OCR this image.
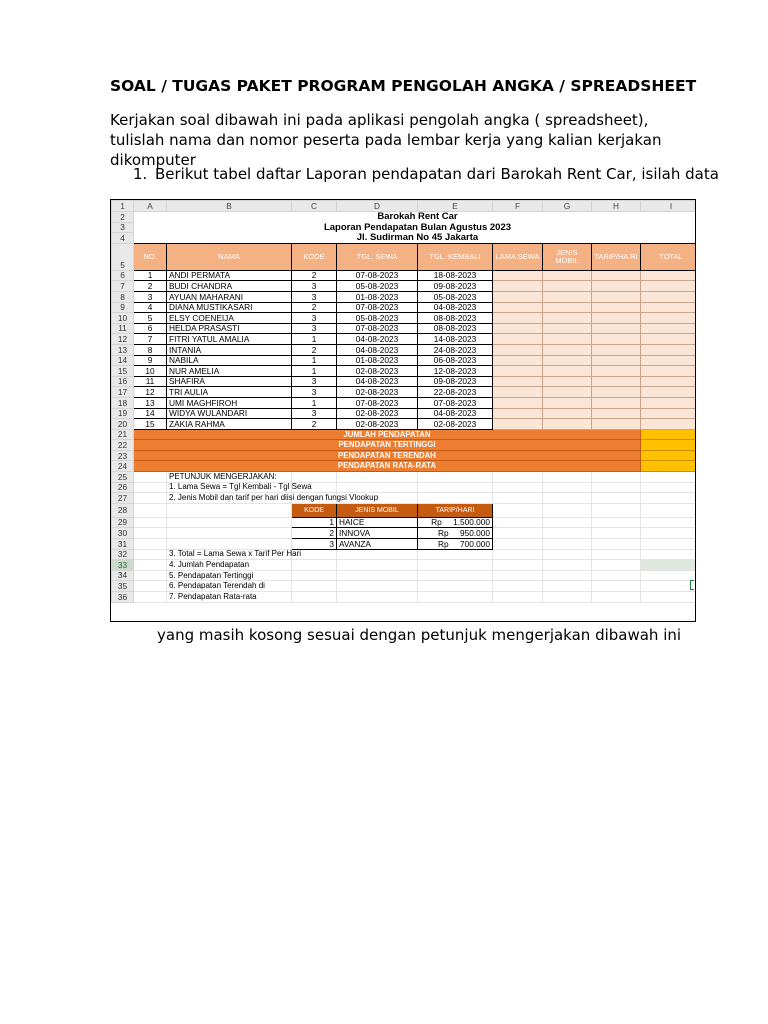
SOAL / TUGAS PAKET PROGRAM PENGOLAH ANGKA / SPREADSHEET

Kerjakan soal dibawah ini pada aplikasi pengolah angka ( spreadsheet), tulislah nama dan nomor peserta pada lembar kerja yang kalian kerjakan dikomputer

1. Berikut tabel daftar Laporan pendapatan dari Barokah Rent Car, isilah data

1	A	B	C	D	E	F	G	H	I
2	Barokah Rent Car								
3	Laporan Pendapatan Bulan Agustus 2023								
4	Jl. Sudirman No 45 Jakarta								
5	NO.	NAMA	KODE	TGL. SEWA	TGL. KEMBALI	LAMA SEWA	JENIS MOBIL	TARIP/HA RI	TOTAL
6	1	ANDI PERMATA	2	07-08-2023	18-08-2023				
7	2	BUDI CHANDRA	3	05-08-2023	09-08-2023				
8	3	AYUAN MAHARANI	3	01-08-2023	05-08-2023				
9	4	DIANA MUSTIKASARI	2	07-08-2023	04-08-2023				
10	5	ELSY COENEIJA	3	05-08-2023	08-08-2023				
11	6	HELDA PRASASTI	3	07-08-2023	08-08-2023				
12	7	FITRI YATUL AMALIA	1	04-08-2023	14-08-2023				
13	8	INTANIA	2	04-08-2023	24-08-2023				
14	9	NABILA	1	01-08-2023	06-08-2023				
15	10	NUR AMELIA	1	02-08-2023	12-08-2023				
16	11	SHAFIRA	3	04-08-2023	09-08-2023				
17	12	TRI AULIA	3	02-08-2023	22-08-2023				
18	13	UMI MAGHFIROH	1	07-08-2023	07-08-2023				
19	14	WIDYA WULANDARI	3	02-08-2023	04-08-2023				
20	15	ZAKIA RAHMA	2	02-08-2023	02-08-2023				
21	JUMLAH PENDAPATAN								
22	PENDAPATAN TERTINGGI								
23	PENDAPATAN TERENDAH								
24	PENDAPATAN RATA-RATA								
25		PETUNJUK MENGERJAKAN:							
26		1. Lama Sewa = Tgl Kembali - Tgl Sewa							
27		2. Jenis Mobil dan tarif per hari diisi dengan fungsi Vlookup							
28			KODE	JENIS MOBIL	TARIP/HARI				
29			1	HAICE	Rp 1.500.000				
30			2	INNOVA	Rp 950.000				
31			3	AVANZA	Rp 700.000				
32		3. Total = Lama Sewa x Tarif Per Hari							
33		4. Jumlah Pendapatan							
34		5. Pendapatan Tertinggi							
35		6. Pendapatan Terendah di							
36		7. Pendapatan Rata-rata							

yang masih kosong sesuai dengan petunjuk mengerjakan dibawah ini
